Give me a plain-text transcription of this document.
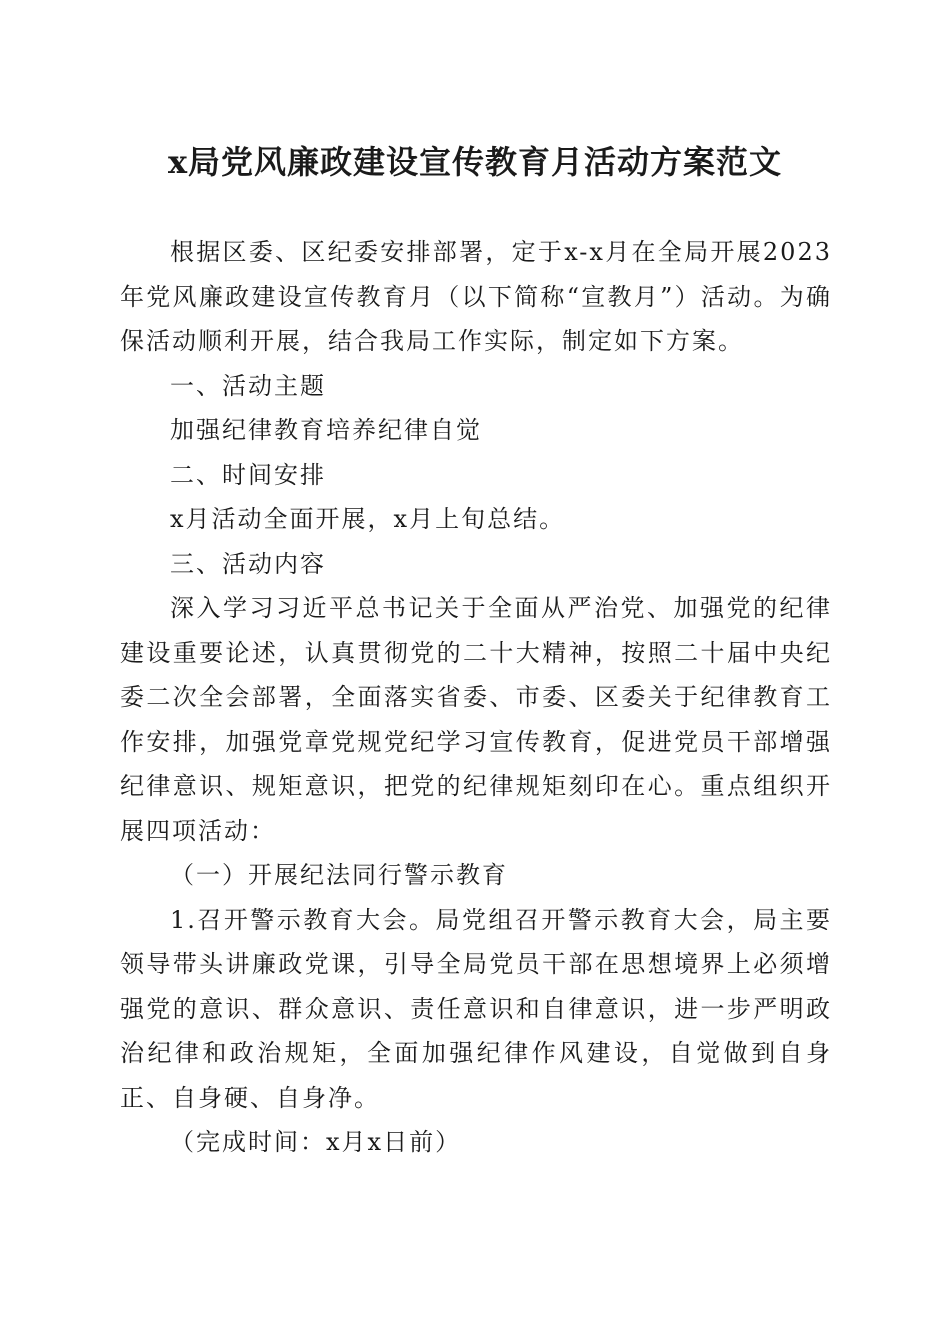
x局党风廉政建设宣传教育月活动方案范文

根据区委、区纪委安排部署，定于x-x月在全局开展2023年党风廉政建设宣传教育月（以下简称“宣教月”）活动。为确保活动顺利开展，结合我局工作实际，制定如下方案。

一、活动主题

加强纪律教育培养纪律自觉

二、时间安排

x月活动全面开展，x月上旬总结。

三、活动内容

深入学习习近平总书记关于全面从严治党、加强党的纪律建设重要论述，认真贯彻党的二十大精神，按照二十届中央纪委二次全会部署，全面落实省委、市委、区委关于纪律教育工作安排，加强党章党规党纪学习宣传教育，促进党员干部增强纪律意识、规矩意识，把党的纪律规矩刻印在心。重点组织开展四项活动：

（一）开展纪法同行警示教育

1.召开警示教育大会。局党组召开警示教育大会，局主要领导带头讲廉政党课，引导全局党员干部在思想境界上必须增强党的意识、群众意识、责任意识和自律意识，进一步严明政治纪律和政治规矩，全面加强纪律作风建设，自觉做到自身正、自身硬、自身净。

（完成时间：x月x日前）
